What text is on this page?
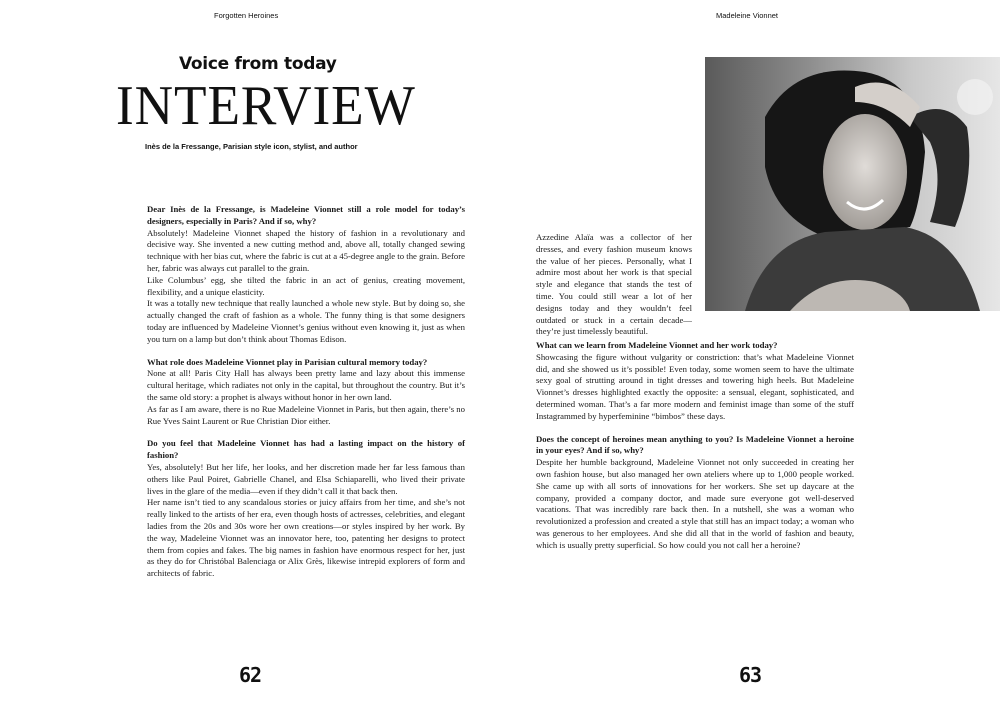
Forgotten Heroines
Voice from today
INTERVIEW
Inès de la Fressange, Parisian style icon, stylist, and author

Dear Inès de la Fressange, is Madeleine Vionnet still a role model for today’s designers, especially in Paris? And if so, why?

Absolutely! Madeleine Vionnet shaped the history of fashion in a revolutionary and decisive way. She invented a new cutting method and, above all, totally changed sewing technique with her bias cut, where the fabric is cut at a 45-degree angle to the grain. Before her, fabric was always cut parallel to the grain.

Like Columbus’ egg, she tilted the fabric in an act of genius, creating movement, flexibility, and a unique elasticity.

It was a totally new technique that really launched a whole new style. But by doing so, she actually changed the craft of fashion as a whole. The funny thing is that some designers today are influenced by Madeleine Vionnet’s genius without even knowing it, just as when you turn on a lamp but don’t think about Thomas Edison.

What role does Madeleine Vionnet play in Parisian cultural memory today?

None at all! Paris City Hall has always been pretty lame and lazy about this immense cultural heritage, which radiates not only in the capital, but throughout the country. But it’s the same old story: a prophet is always without honor in her own land.

As far as I am aware, there is no Rue Madeleine Vionnet in Paris, but then again, there’s no Rue Yves Saint Laurent or Rue Christian Dior either.

Do you feel that Madeleine Vionnet has had a lasting impact on the history of fashion?

Yes, absolutely! But her life, her looks, and her discretion made her far less famous than others like Paul Poiret, Gabrielle Chanel, and Elsa Schiaparelli, who lived their private lives in the glare of the media—even if they didn’t call it that back then.

Her name isn’t tied to any scandalous stories or juicy affairs from her time, and she’s not really linked to the artists of her era, even though hosts of actresses, celebrities, and elegant ladies from the 20s and 30s wore her own creations—or styles inspired by her work. By the way, Madeleine Vionnet was an innovator here, too, patenting her designs to protect them from copies and fakes. The big names in fashion have enormous respect for her, just as they do for Christóbal Balenciaga or Alix Grès, likewise intrepid explorers of form and architects of fabric.

62
Madeleine Vionnet

Azzedine Alaïa was a collector of her dresses, and every fashion museum knows the value of her pieces. Personally, what I admire most about her work is that special style and elegance that stands the test of time. You could still wear a lot of her designs today and they wouldn’t feel outdated or stuck in a certain decade—they’re just timelessly beautiful.

What can we learn from Madeleine Vionnet and her work today?

Showcasing the figure without vulgarity or constriction: that’s what Madeleine Vionnet did, and she showed us it’s possible! Even today, some women seem to have the ultimate sexy goal of strutting around in tight dresses and towering high heels. But Madeleine Vionnet’s dresses highlighted exactly the opposite: a sensual, elegant, sophisticated, and determined woman. That’s a far more modern and feminist image than some of the stuff Instagrammed by hyperfeminine “bimbos” these days.

Does the concept of heroines mean anything to you? Is Madeleine Vionnet a heroine in your eyes? And if so, why?

Despite her humble background, Madeleine Vionnet not only succeeded in creating her own fashion house, but also managed her own ateliers where up to 1,000 people worked. She came up with all sorts of innovations for her workers. She set up daycare at the company, provided a company doctor, and made sure everyone got well-deserved vacations. That was incredibly rare back then. In a nutshell, she was a woman who revolutionized a profession and created a style that still has an impact today; a woman who was generous to her employees. And she did all that in the world of fashion and beauty, which is usually pretty superficial. So how could you not call her a heroine?

63
